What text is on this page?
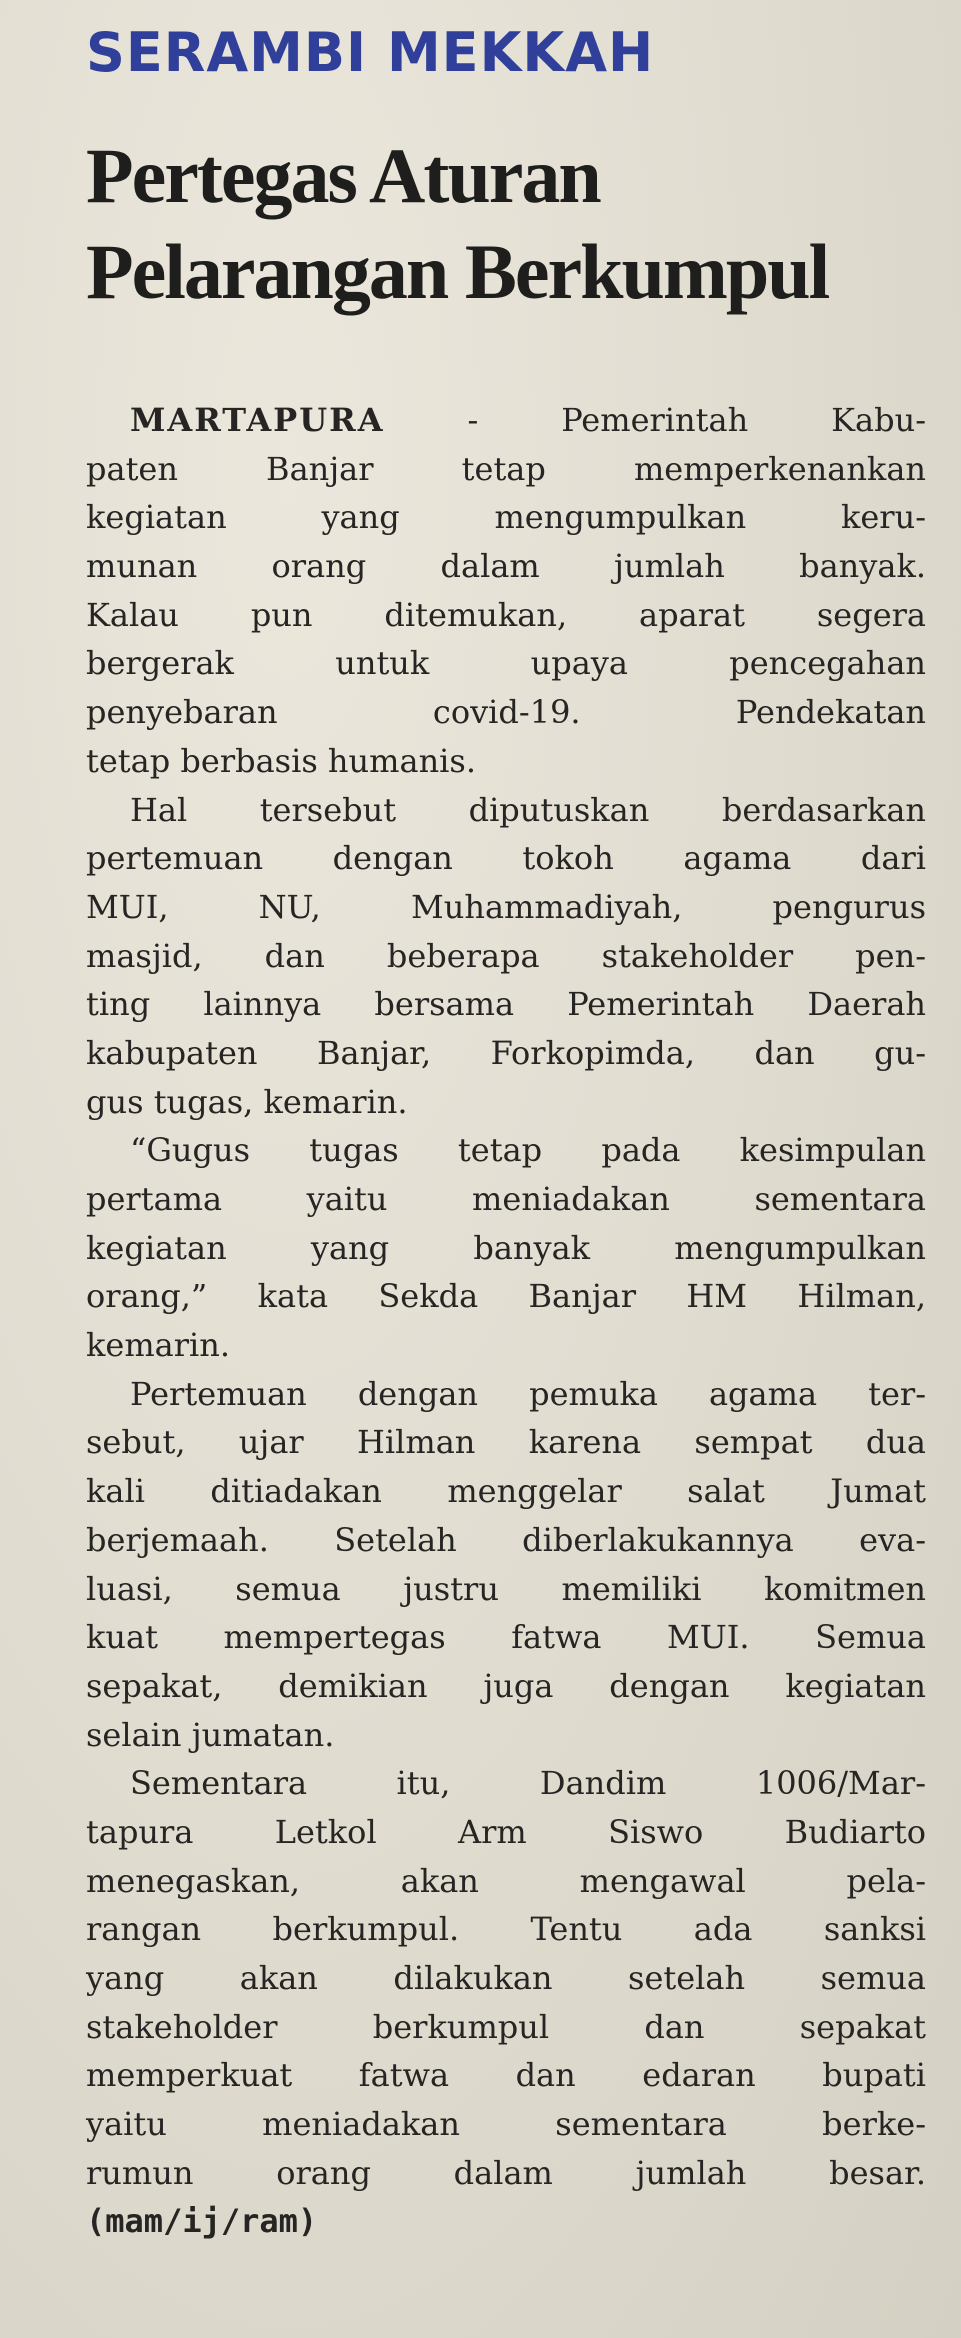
SERAMBI MEKKAH
Pertegas Aturan
Pelarangan Berkumpul
MARTAPURA - Pemerintah Kabu-
paten Banjar tetap memperkenankan
kegiatan yang mengumpulkan keru-
munan orang dalam jumlah banyak.
Kalau pun ditemukan, aparat segera
bergerak untuk upaya pencegahan
penyebaran covid-19. Pendekatan
tetap berbasis humanis.
Hal tersebut diputuskan berdasarkan
pertemuan dengan tokoh agama dari
MUI, NU, Muhammadiyah, pengurus
masjid, dan beberapa stakeholder pen-
ting lainnya bersama Pemerintah Daerah
kabupaten Banjar, Forkopimda, dan gu-
gus tugas, kemarin.
“Gugus tugas tetap pada kesimpulan
pertama yaitu meniadakan sementara
kegiatan yang banyak mengumpulkan
orang,” kata Sekda Banjar HM Hilman,
kemarin.
Pertemuan dengan pemuka agama ter-
sebut, ujar Hilman karena sempat dua
kali ditiadakan menggelar salat Jumat
berjemaah. Setelah diberlakukannya eva-
luasi, semua justru memiliki komitmen
kuat mempertegas fatwa MUI. Semua
sepakat, demikian juga dengan kegiatan
selain jumatan.
Sementara itu, Dandim 1006/Mar-
tapura Letkol Arm Siswo Budiarto
menegaskan, akan mengawal pela-
rangan berkumpul. Tentu ada sanksi
yang akan dilakukan setelah semua
stakeholder berkumpul dan sepakat
memperkuat fatwa dan edaran bupati
yaitu meniadakan sementara berke-
rumun orang dalam jumlah besar.
(mam/ij/ram)
